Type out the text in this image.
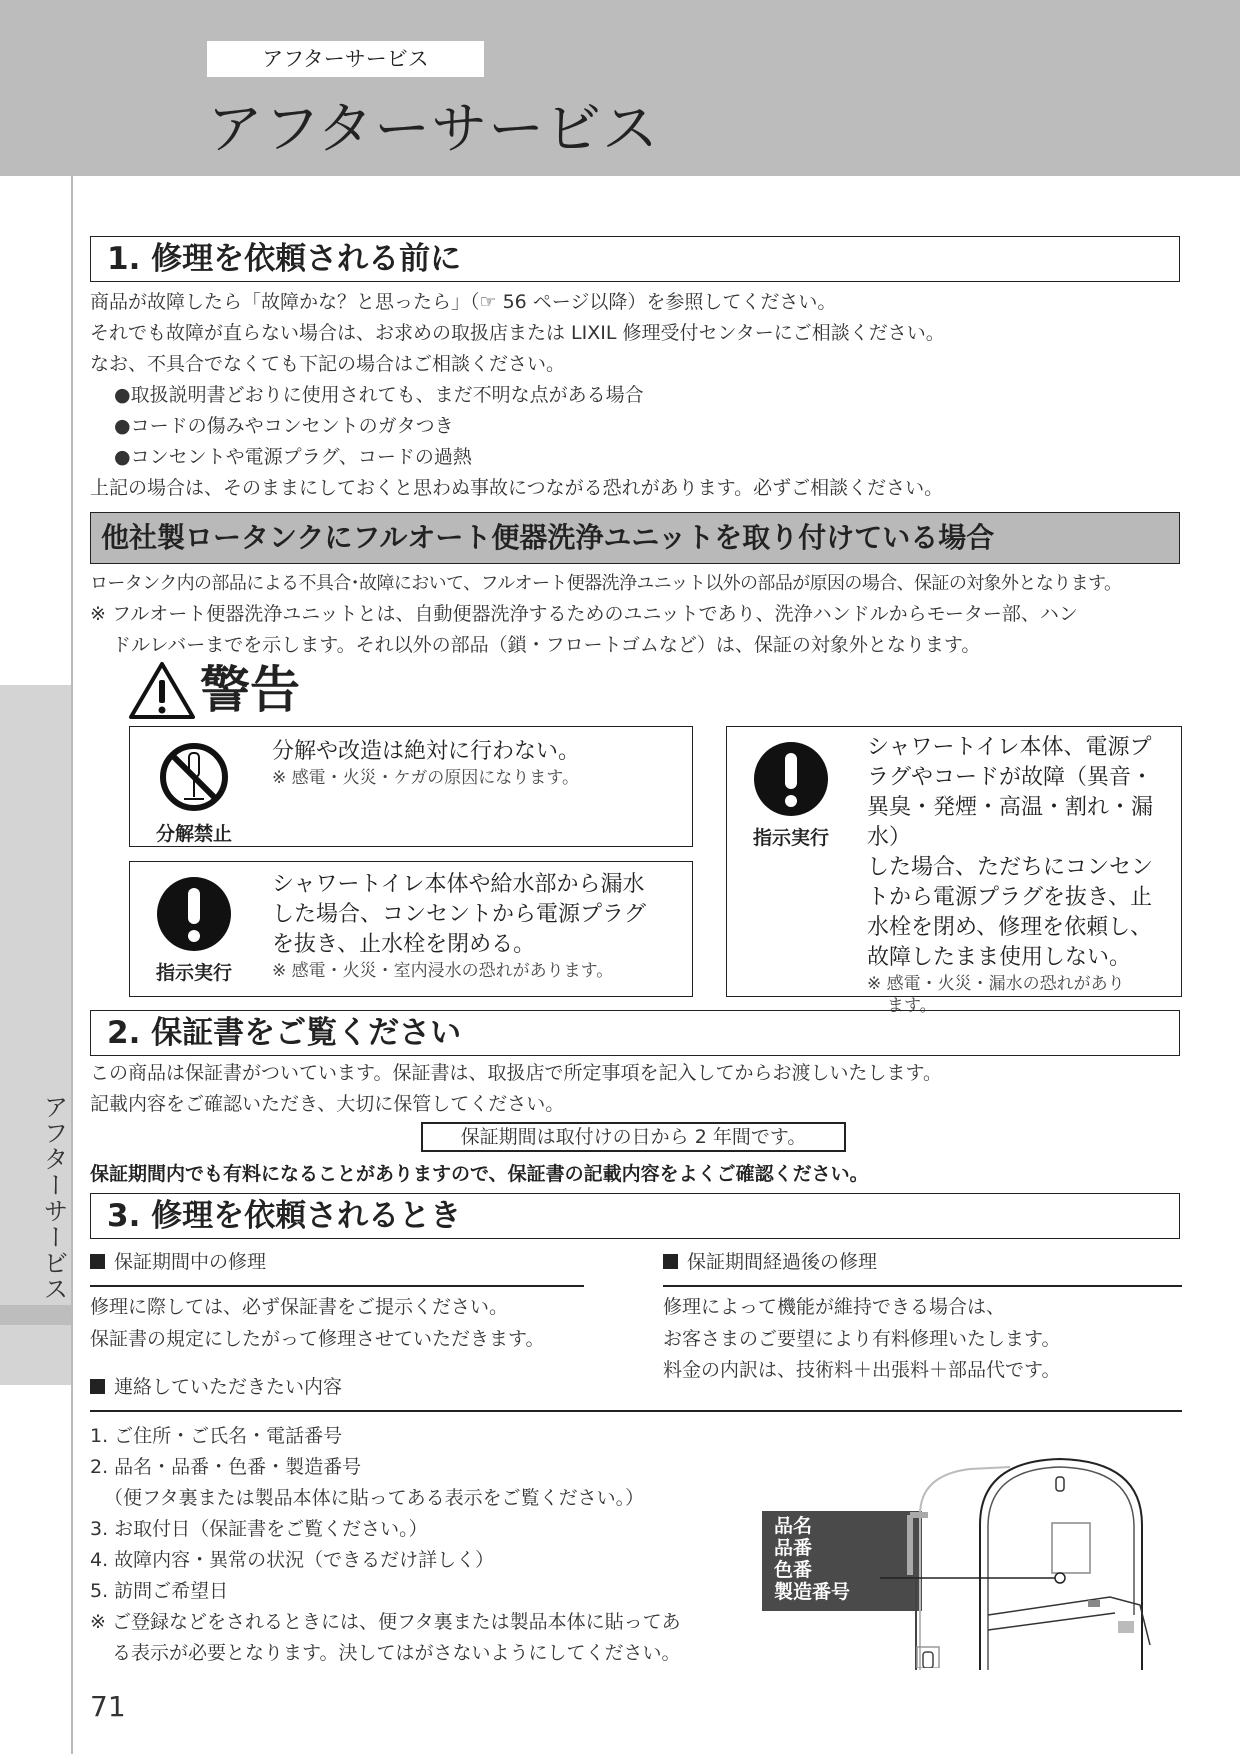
アフターサービス
アフターサービス
アフターサービス
1. 修理を依頼される前に
商品が故障したら「故障かな？と思ったら」（☞ 56 ページ以降）を参照してください。
それでも故障が直らない場合は、お求めの取扱店または LIXIL 修理受付センターにご相談ください。
なお、不具合でなくても下記の場合はご相談ください。
●取扱説明書どおりに使用されても、まだ不明な点がある場合
●コードの傷みやコンセントのガタつき
●コンセントや電源プラグ、コードの過熱
上記の場合は、そのままにしておくと思わぬ事故につながる恐れがあります。必ずご相談ください。
他社製ロータンクにフルオート便器洗浄ユニットを取り付けている場合
ロータンク内の部品による不具合･故障において、フルオート便器洗浄ユニット以外の部品が原因の場合、保証の対象外となります。
※ フルオート便器洗浄ユニットとは、自動便器洗浄するためのユニットであり、洗浄ハンドルからモーター部、ハン
ドルレバーまでを示します。それ以外の部品（鎖・フロートゴムなど）は、保証の対象外となります。
警告
分解禁止
分解や改造は絶対に行わない。
※ 感電・火災・ケガの原因になります。
指示実行
シャワートイレ本体や給水部から漏水
した場合、コンセントから電源プラグ
を抜き、止水栓を閉める。
※ 感電・火災・室内浸水の恐れがあります。
指示実行
シャワートイレ本体、電源プ
ラグやコードが故障（異音・
異臭・発煙・高温・割れ・漏水）
した場合、ただちにコンセン
トから電源プラグを抜き、止
水栓を閉め、修理を依頼し、
故障したまま使用しない。
※ 感電・火災・漏水の恐れがあり
ます。
2. 保証書をご覧ください
この商品は保証書がついています。保証書は、取扱店で所定事項を記入してからお渡しいたします。
記載内容をご確認いただき、大切に保管してください。
保証期間は取付けの日から 2 年間です。
保証期間内でも有料になることがありますので、保証書の記載内容をよくご確認ください。
3. 修理を依頼されるとき
保証期間中の修理
修理に際しては、必ず保証書をご提示ください。
保証書の規定にしたがって修理させていただきます。
保証期間経過後の修理
修理によって機能が維持できる場合は、
お客さまのご要望により有料修理いたします。
料金の内訳は、技術料＋出張料＋部品代です。
連絡していただきたい内容
1. ご住所・ご氏名・電話番号
2. 品名・品番・色番・製造番号
（便フタ裏または製品本体に貼ってある表示をご覧ください。）
3. お取付日（保証書をご覧ください。）
4. 故障内容・異常の状況（できるだけ詳しく）
5. 訪問ご希望日
※ ご登録などをされるときには、便フタ裏または製品本体に貼ってあ
る表示が必要となります。決してはがさないようにしてください。
品名
品番
色番
製造番号
71
